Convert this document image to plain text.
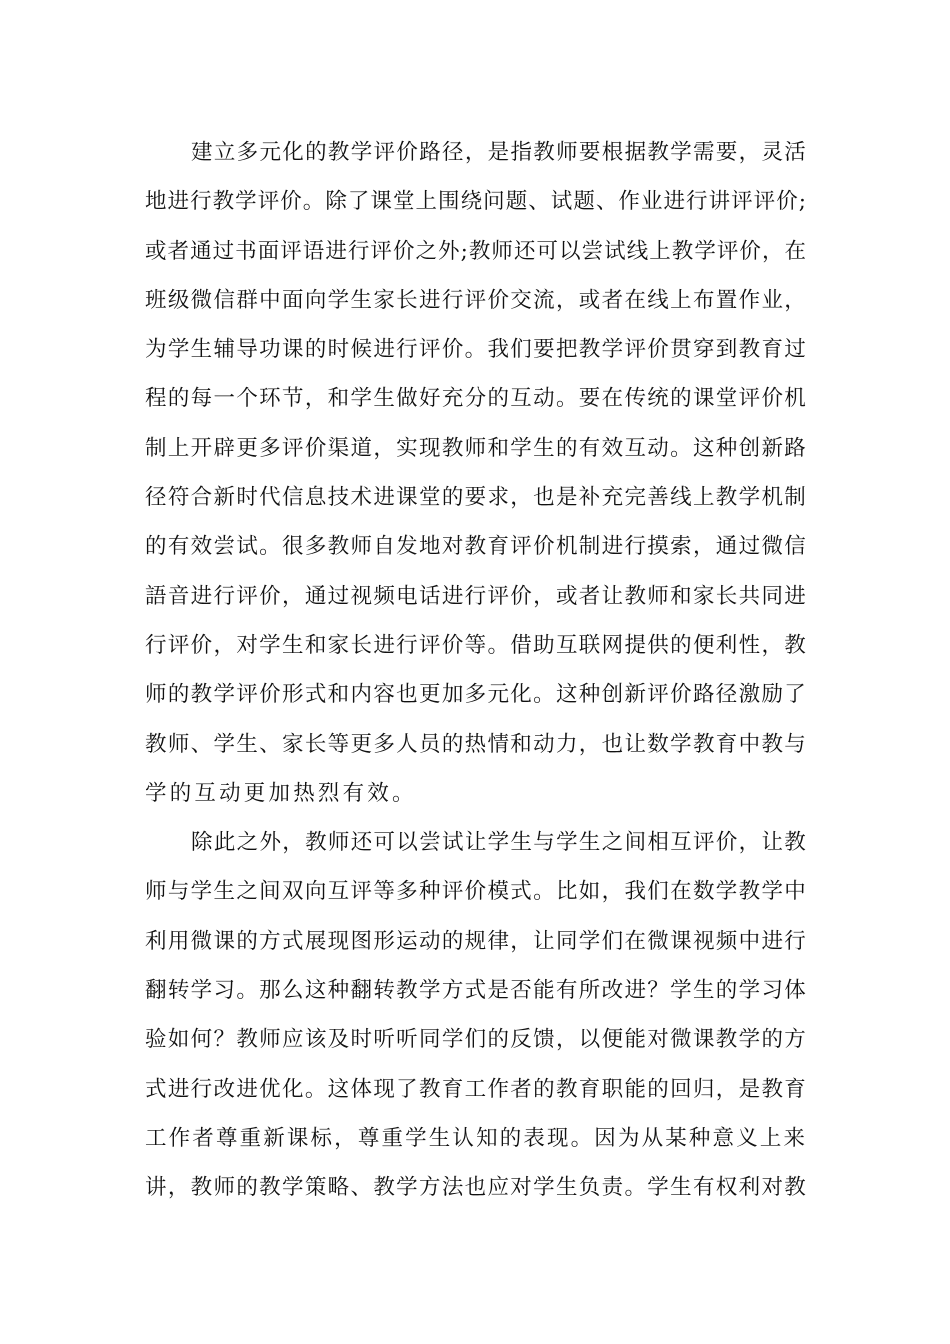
建立多元化的教学评价路径，是指教师要根据教学需要，灵活
地进行教学评价。除了课堂上围绕问题、试题、作业进行讲评评价;
或者通过书面评语进行评价之外;教师还可以尝试线上教学评价，在
班级微信群中面向学生家长进行评价交流，或者在线上布置作业，
为学生辅导功课的时候进行评价。我们要把教学评价贯穿到教育过
程的每一个环节，和学生做好充分的互动。要在传统的课堂评价机
制上开辟更多评价渠道，实现教师和学生的有效互动。这种创新路
径符合新时代信息技术进课堂的要求，也是补充完善线上教学机制
的有效尝试。很多教师自发地对教育评价机制进行摸索，通过微信
語音进行评价，通过视频电话进行评价，或者让教师和家长共同进
行评价，对学生和家长进行评价等。借助互联网提供的便利性，教
师的教学评价形式和内容也更加多元化。这种创新评价路径激励了
教师、学生、家长等更多人员的热情和动力，也让数学教育中教与
学的互动更加热烈有效。
除此之外，教师还可以尝试让学生与学生之间相互评价，让教
师与学生之间双向互评等多种评价模式。比如，我们在数学教学中
利用微课的方式展现图形运动的规律，让同学们在微课视频中进行
翻转学习。那么这种翻转教学方式是否能有所改进？学生的学习体
验如何？教师应该及时听听同学们的反馈，以便能对微课教学的方
式进行改进优化。这体现了教育工作者的教育职能的回归，是教育
工作者尊重新课标，尊重学生认知的表现。因为从某种意义上来
讲，教师的教学策略、教学方法也应对学生负责。学生有权利对教
